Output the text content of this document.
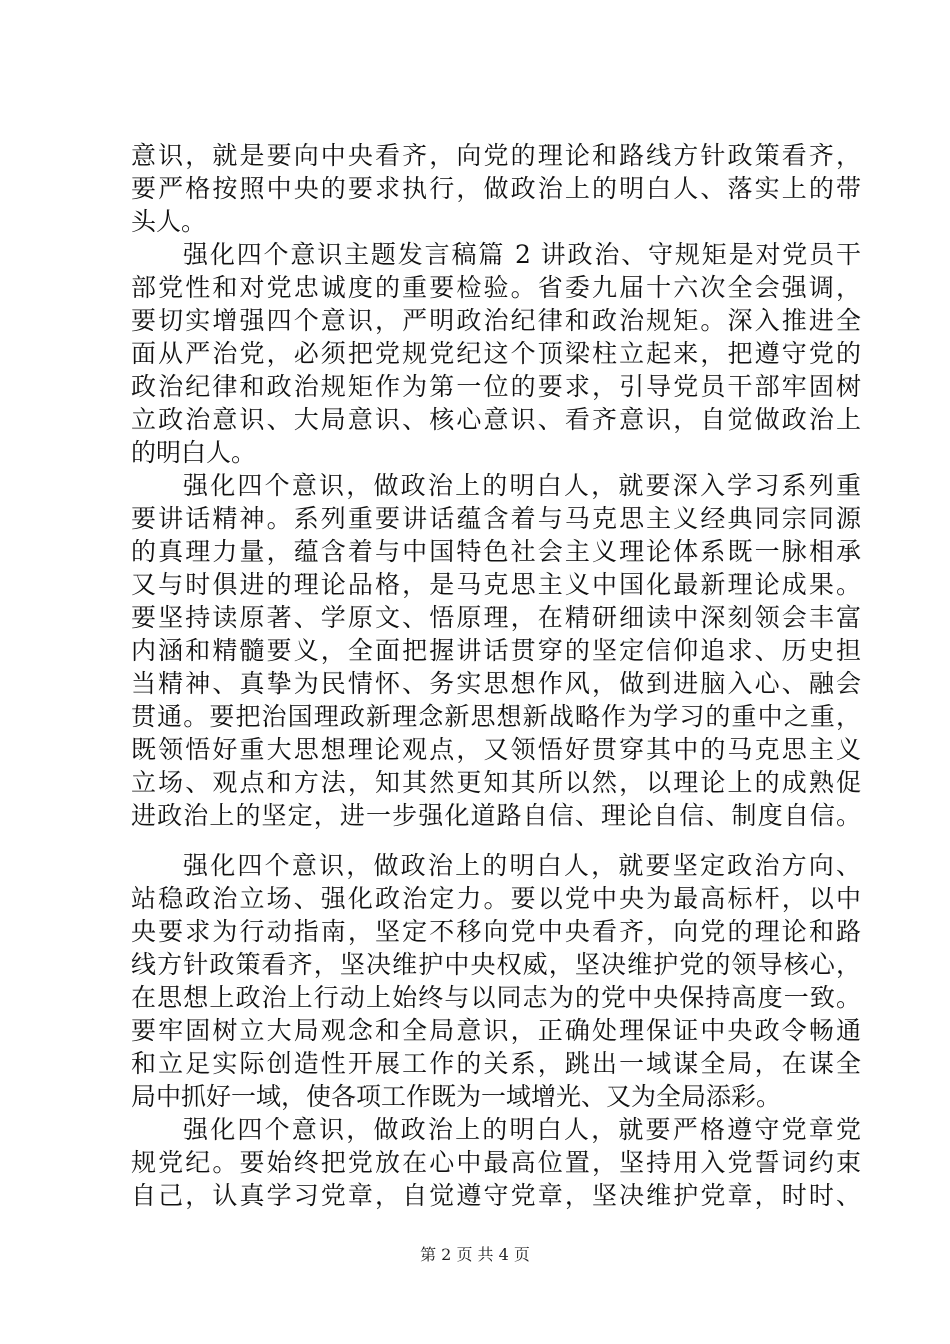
意识，就是要向中央看齐，向党的理论和路线方针政策看齐，
要严格按照中央的要求执行，做政治上的明白人、落实上的带
头人。
强化四个意识主题发言稿篇 2 讲政治、守规矩是对党员干
部党性和对党忠诚度的重要检验。省委九届十六次全会强调，
要切实增强四个意识，严明政治纪律和政治规矩。深入推进全
面从严治党，必须把党规党纪这个顶梁柱立起来，把遵守党的
政治纪律和政治规矩作为第一位的要求，引导党员干部牢固树
立政治意识、大局意识、核心意识、看齐意识，自觉做政治上
的明白人。
强化四个意识，做政治上的明白人，就要深入学习系列重
要讲话精神。系列重要讲话蕴含着与马克思主义经典同宗同源
的真理力量，蕴含着与中国特色社会主义理论体系既一脉相承
又与时俱进的理论品格，是马克思主义中国化最新理论成果。
要坚持读原著、学原文、悟原理，在精研细读中深刻领会丰富
内涵和精髓要义，全面把握讲话贯穿的坚定信仰追求、历史担
当精神、真挚为民情怀、务实思想作风，做到进脑入心、融会
贯通。要把治国理政新理念新思想新战略作为学习的重中之重，
既领悟好重大思想理论观点，又领悟好贯穿其中的马克思主义
立场、观点和方法，知其然更知其所以然，以理论上的成熟促
进政治上的坚定，进一步强化道路自信、理论自信、制度自信。
强化四个意识，做政治上的明白人，就要坚定政治方向、
站稳政治立场、强化政治定力。要以党中央为最高标杆，以中
央要求为行动指南，坚定不移向党中央看齐，向党的理论和路
线方针政策看齐，坚决维护中央权威，坚决维护党的领导核心，
在思想上政治上行动上始终与以同志为的党中央保持高度一致。
要牢固树立大局观念和全局意识，正确处理保证中央政令畅通
和立足实际创造性开展工作的关系，跳出一域谋全局，在谋全
局中抓好一域，使各项工作既为一域增光、又为全局添彩。
第 2 页 共 4 页
强化四个意识，做政治上的明白人，就要严格遵守党章党
规党纪。要始终把党放在心中最高位置，坚持用入党誓词约束
自己，认真学习党章，自觉遵守党章，坚决维护党章，时时、
